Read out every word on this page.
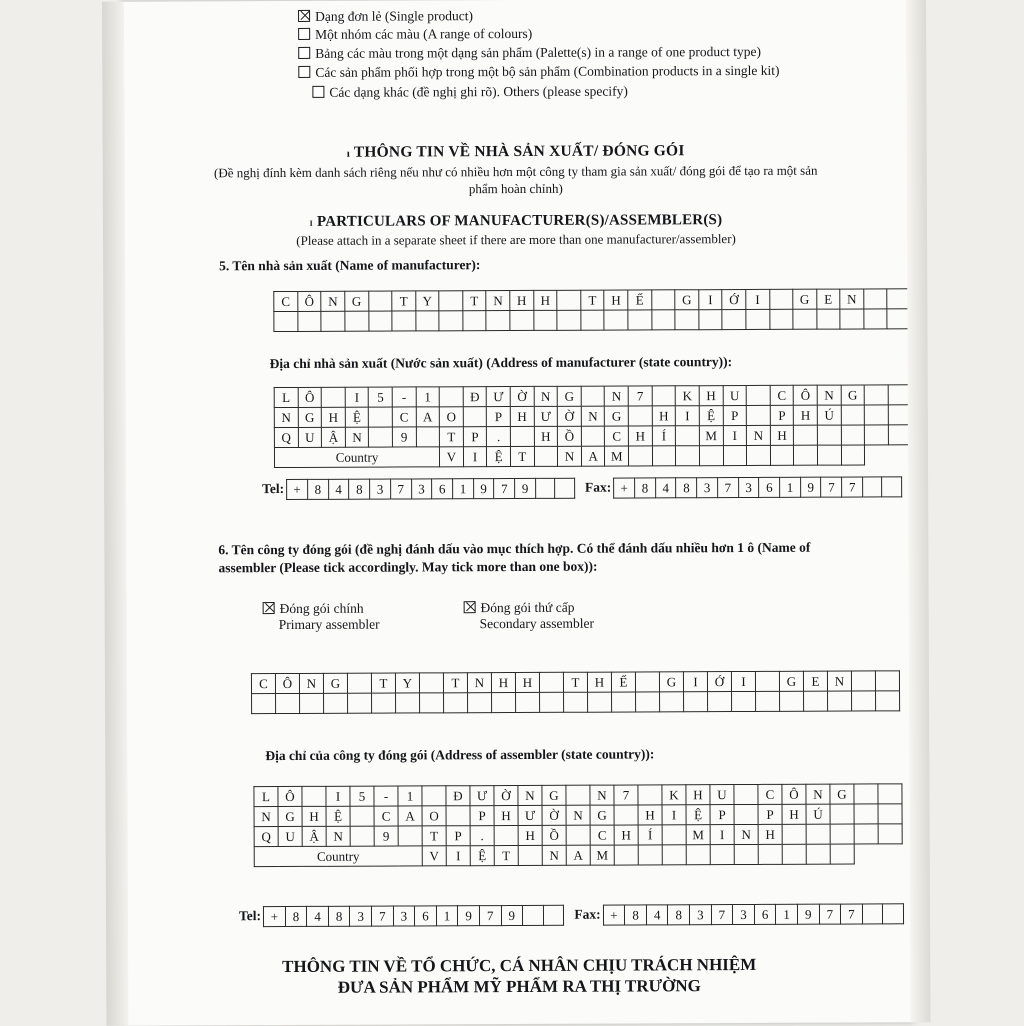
Dạng đơn lẻ (Single product)
Một nhóm các màu (A range of colours)
Bảng các màu trong một dạng sản phẩm (Palette(s) in a range of one product type)
Các sản phẩm phối hợp trong một bộ sản phẩm (Combination products in a single kit)
Các dạng khác (đề nghị ghi rõ). Others (please specify)
ı THÔNG TIN VỀ NHÀ SẢN XUẤT/ ĐÓNG GÓI
(Đề nghị đính kèm danh sách riêng nếu như có nhiều hơn một công ty tham gia sản xuất/ đóng gói để tạo ra một sản phẩm hoàn chỉnh)
ı PARTICULARS OF MANUFACTURER(S)/ASSEMBLER(S)
(Please attach in a separate sheet if there are more than one manufacturer/assembler)
5. Tên nhà sản xuất (Name of manufacturer):
C	Ô	N	G		T	Y		T	N	H	H		T	H	Ế		G	I	Ớ	I		G	E	N		

Địa chỉ nhà sản xuất (Nước sản xuất) (Address of manufacturer (state country)):
L	Ô		I	5	-	1		Đ	Ư	Ờ	N	G		N	7		K	H	U		C	Ô	N	G		
N	G	H	Ệ		C	A	O		P	H	Ư	Ờ	N	G		H	I	Ệ	P		P	H	Ú			
Q	U	Ậ	N		9		T	P	.		H	Ồ		C	H	Í		M	I	N	H					
Country							V	I	Ệ	T		N	A	M												
Tel: +	8	4	8	3	7	3	6	1	9	7	9			Fax: +	8	4	8	3	7	3	6	1	9	7	7		
6. Tên công ty đóng gói (đề nghị đánh dấu vào mục thích hợp. Có thể đánh dấu nhiều hơn 1 ô (Name of assembler (Please tick accordingly. May tick more than one box)):
Đóng gói chính
Primary assembler
Đóng gói thứ cấp
Secondary assembler
C	Ô	N	G		T	Y		T	N	H	H		T	H	Ế		G	I	Ớ	I		G	E	N		

Địa chỉ của công ty đóng gói (Address of assembler (state country)):
L	Ô		I	5	-	1		Đ	Ư	Ờ	N	G		N	7		K	H	U		C	Ô	N	G		
N	G	H	Ệ		C	A	O		P	H	Ư	Ờ	N	G		H	I	Ệ	P		P	H	Ú			
Q	U	Ậ	N		9		T	P	.		H	Ồ		C	H	Í		M	I	N	H					
Country							V	I	Ệ	T		N	A	M												
Tel: +	8	4	8	3	7	3	6	1	9	7	9			Fax: +	8	4	8	3	7	3	6	1	9	7	7		
THÔNG TIN VỀ TỔ CHỨC, CÁ NHÂN CHỊU TRÁCH NHIỆM
ĐƯA SẢN PHẨM MỸ PHẨM RA THỊ TRƯỜNG
